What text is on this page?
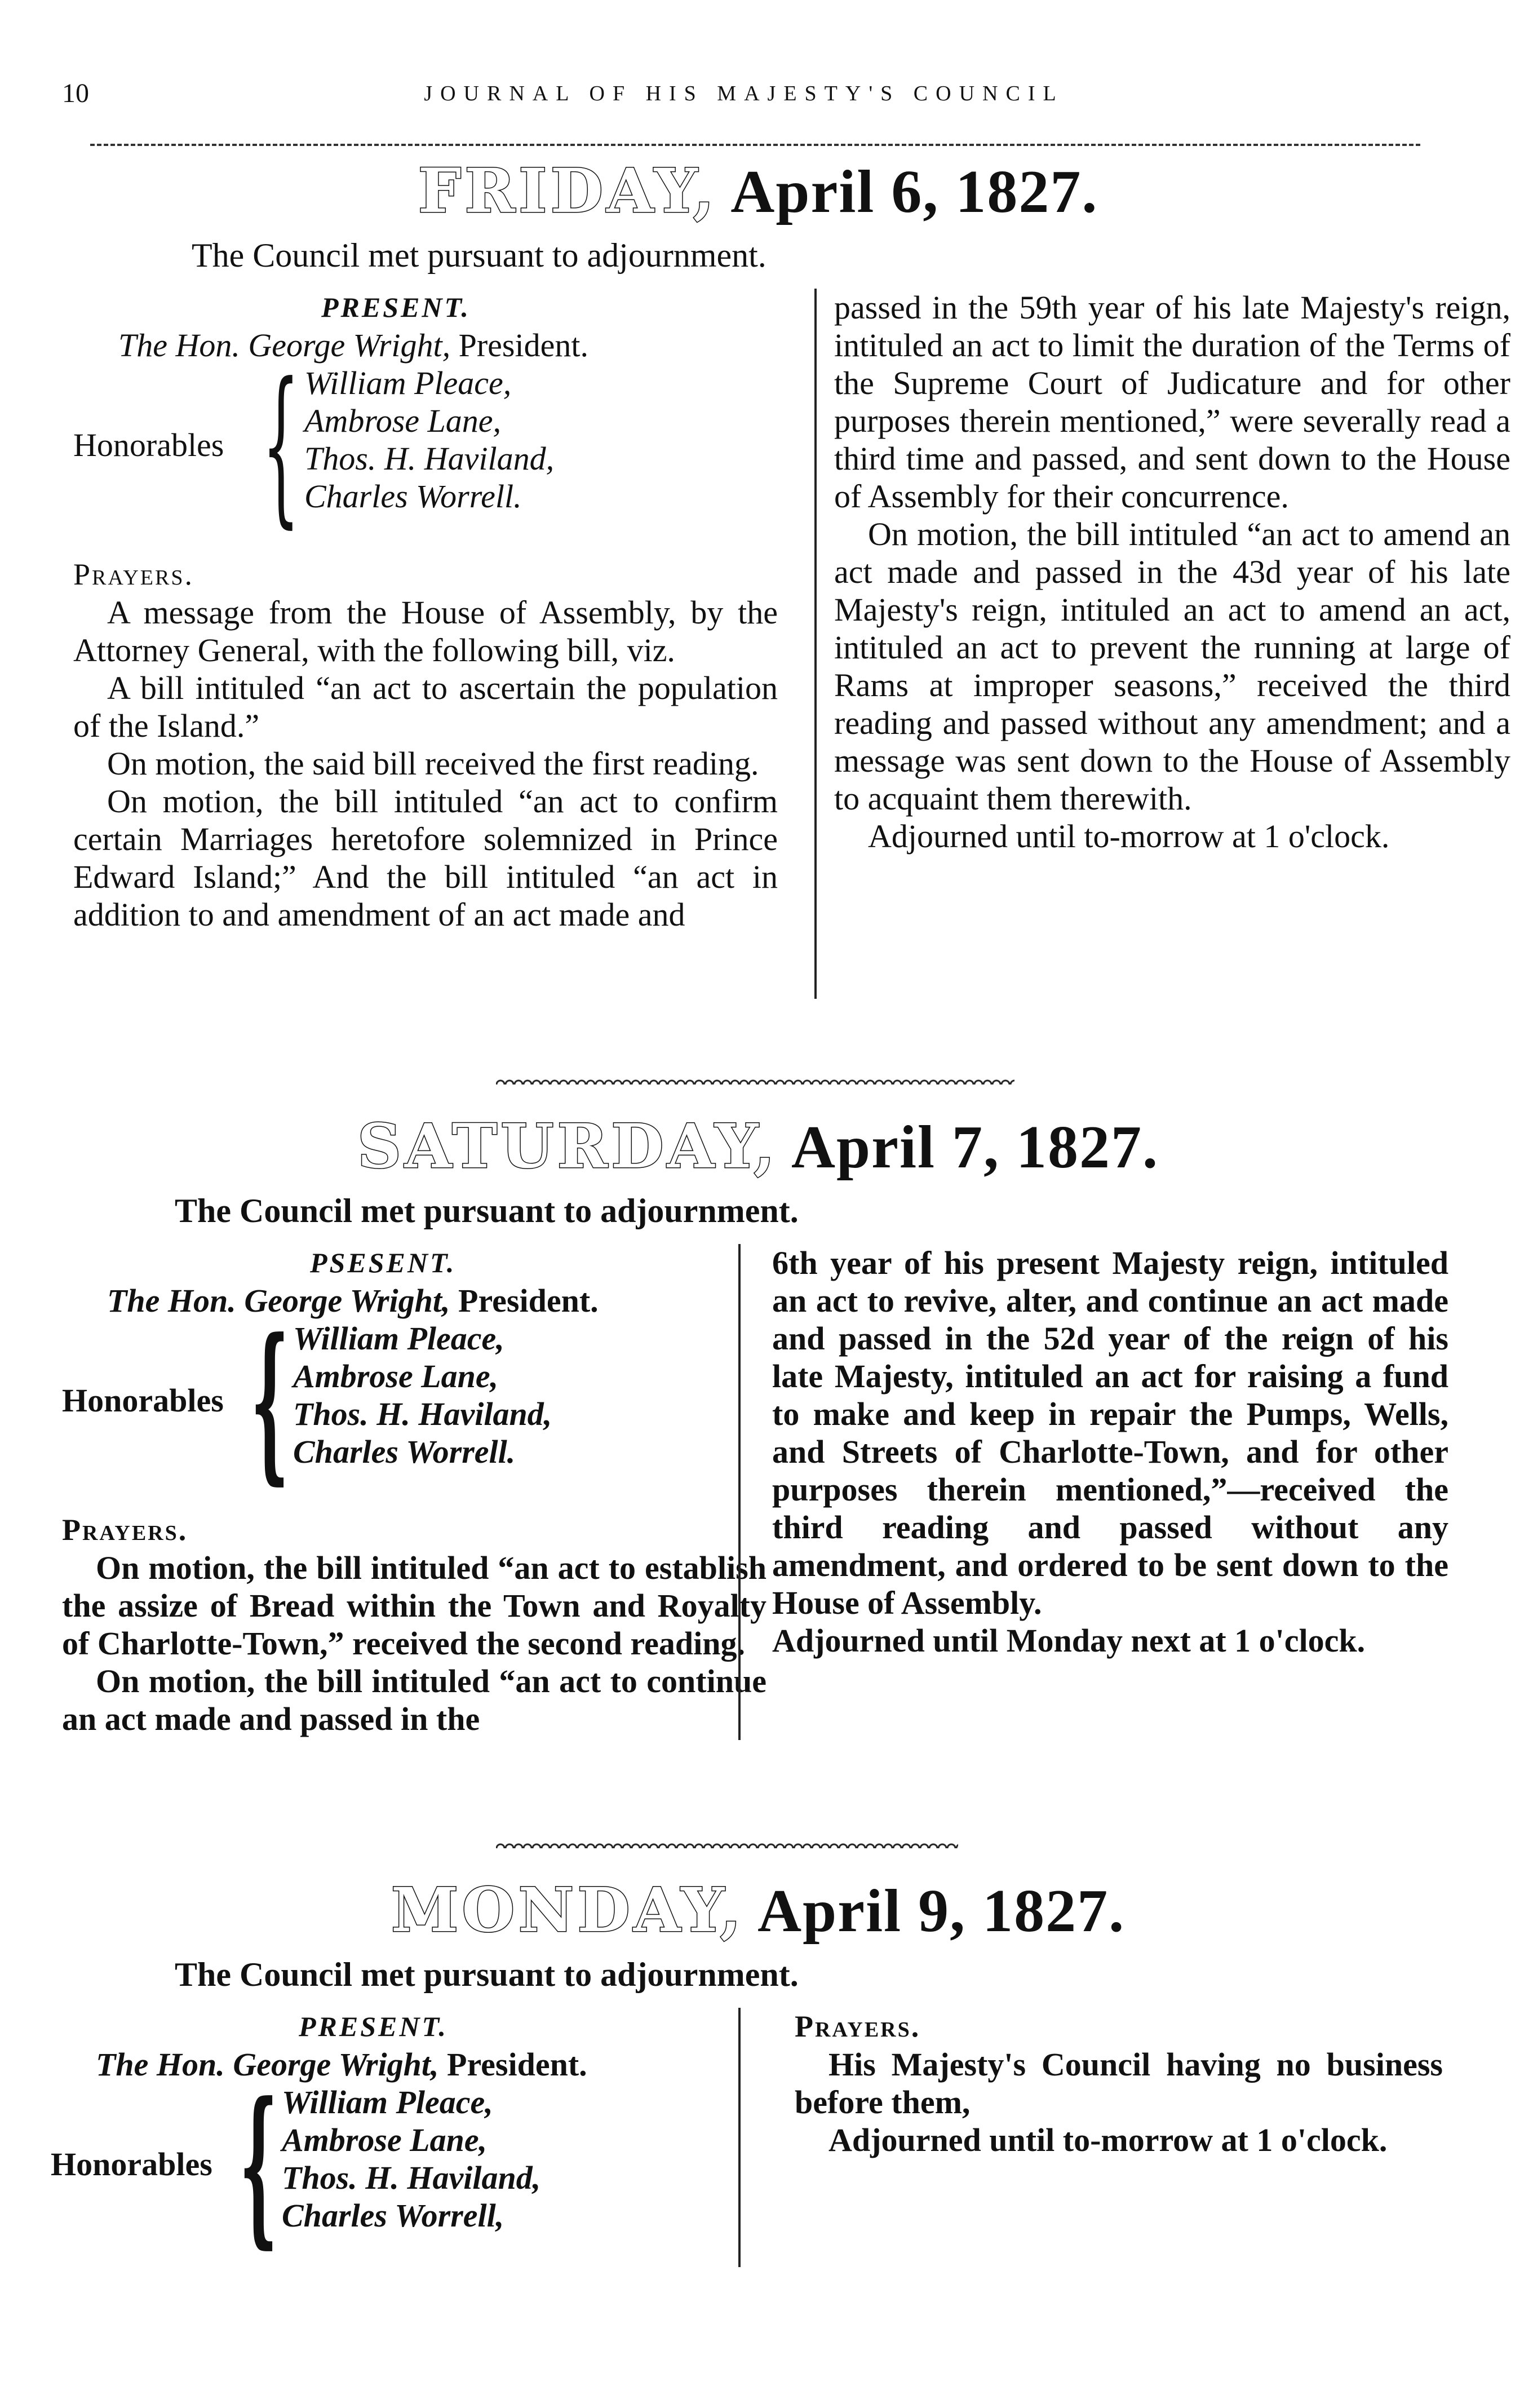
10	JOURNAL OF HIS MAJESTY'S COUNCIL
FRIDAY, April 6, 1827.
The Council met pursuant to adjournment.
PRESENT.
The Hon. George Wright, President.
Honorables { William Pleace,
Ambrose Lane,
Thos. H. Haviland,
Charles Worrell.
Prayers.

A message from the House of Assembly, by the Attorney General, with the following bill, viz.

A bill intituled “an act to ascertain the population of the Island.”

On motion, the said bill received the first reading.

On motion, the bill intituled “an act to confirm certain Marriages heretofore solemnized in Prince Edward Island;” And the bill intituled “an act in addition to and amendment of an act made and

passed in the 59th year of his late Majesty's reign, intituled an act to limit the duration of the Terms of the Supreme Court of Judicature and for other purposes therein mentioned,” were severally read a third time and passed, and sent down to the House of Assembly for their concurrence.

On motion, the bill intituled “an act to amend an act made and passed in the 43d year of his late Majesty's reign, intituled an act to amend an act, intituled an act to prevent the running at large of Rams at improper seasons,” received the third reading and passed without any amendment; and a message was sent down to the House of Assembly to acquaint them therewith.

Adjourned until to-morrow at 1 o'clock.

SATURDAY, April 7, 1827.
The Council met pursuant to adjournment.
PSESENT.
The Hon. George Wright, President.
Honorables { William Pleace,
Ambrose Lane,
Thos. H. Haviland,
Charles Worrell.
Prayers.

On motion, the bill intituled “an act to establish the assize of Bread within the Town and Royalty of Charlotte-Town,” received the second reading.

On motion, the bill intituled “an act to continue an act made and passed in the

6th year of his present Majesty reign, intituled an act to revive, alter, and continue an act made and passed in the 52d year of the reign of his late Majesty, intituled an act for raising a fund to make and keep in repair the Pumps, Wells, and Streets of Charlotte-Town, and for other purposes therein mentioned,”—received the third reading and passed without any amendment, and ordered to be sent down to the House of Assembly.

Adjourned until Monday next at 1 o'clock.

MONDAY, April 9, 1827.
The Council met pursuant to adjournment.
PRESENT.
The Hon. George Wright, President.
Honorables { William Pleace,
Ambrose Lane,
Thos. H. Haviland,
Charles Worrell,
Prayers.

His Majesty's Council having no business before them,

Adjourned until to-morrow at 1 o'clock.
